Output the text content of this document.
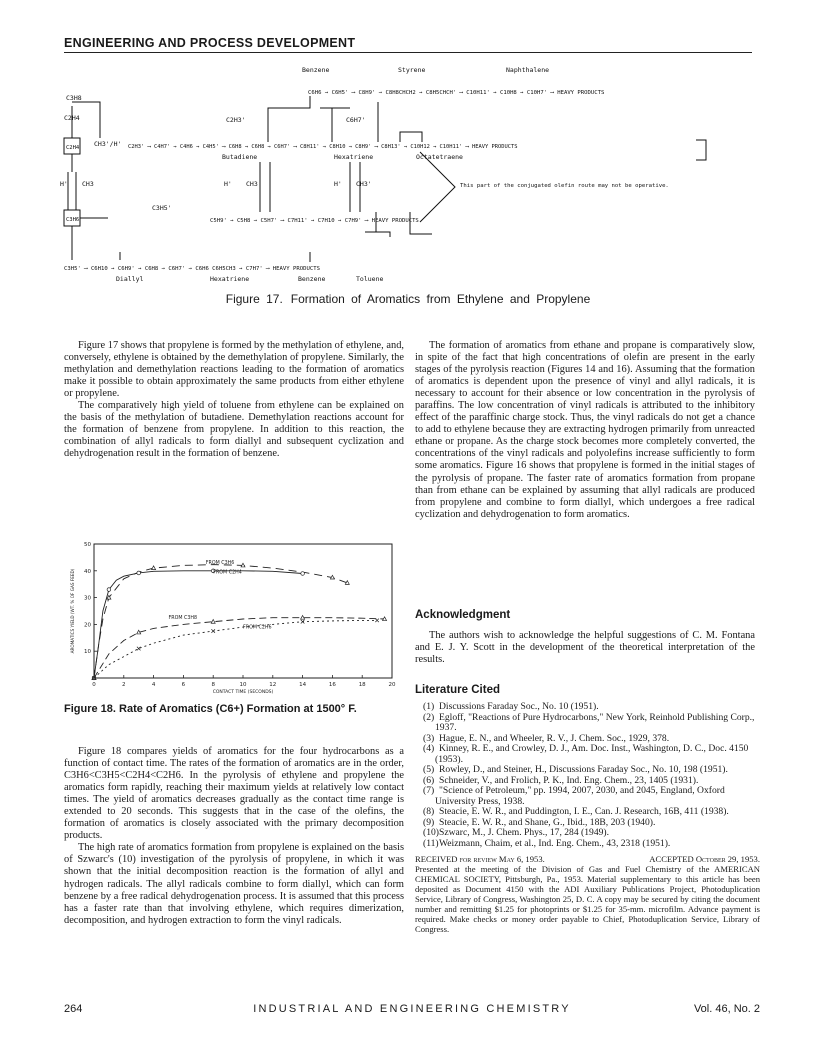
ENGINEERING AND PROCESS DEVELOPMENT
Benzene	Styrene	Naphthalene
C6H6 → C6H5' ⟶ C8H9' → C8H8CHCH2 → C8H5CHCH' ⟶ C10H11' → C10H8 → C10H7' ⟶ HEAVY PRODUCTS
C3H8
C2H3'
C2H4
CH3'/H'
C6H7'
C2H3' ⟶ C4H7' → C4H6 → C4H5' ⟶ C6H8 → C6H8 → C6H7' ⟶ C8H11' → C8H10 → C8H9' ⟶ C8H13' → C10H12 → C10H11' ⟶ HEAVY PRODUCTS
Butadiene	Hexatriene	Octatetraene
H' CH3	H' CH3	H' CH3'	This part of the conjugated olefin route may not be operative.
C3H5'
C5H9' → C5H8 → C5H7' ⟶ C7H11' → C7H10 → C7H9' ⟶ HEAVY PRODUCTS
C3H5' ⟶ C6H10 → C6H9' → C6H8 → C6H7' → C6H6 C6H5CH3 → C7H7' ⟶ HEAVY PRODUCTS
Diallyl	Hexatriene	Benzene	Toluene
C2H4
C3H6
Figure 17. Formation of Aromatics from Ethylene and Propylene

Figure 17 shows that propylene is formed by the methylation of ethylene, and, conversely, ethylene is obtained by the demethylation of propylene. Similarly, the methylation and demethylation reactions leading to the formation of aromatics make it possible to obtain approximately the same products from either ethylene or propylene.

The comparatively high yield of toluene from ethylene can be explained on the basis of the methylation of butadiene. Demethylation reactions account for the formation of benzene from propylene. In addition to this reaction, the combination of allyl radicals to form diallyl and subsequent cyclization and dehydrogenation result in the formation of benzene.

0	2	4	6	8	10	12	14	16	18	20
10
20
30
40
50
CONTACT TIME (SECONDS)
AROMATICS YIELD (WT. % OF GAS FEED)
FROM C3H6
FROM C2H4
FROM C3H8
FROM C2H6
Figure 18. Rate of Aromatics (C6+) Formation at 1500° F.

Figure 18 compares yields of aromatics for the four hydrocarbons as a function of contact time. The rates of the formation of aromatics are in the order, C3H6<C3H5<C2H4<C2H6. In the pyrolysis of ethylene and propylene the aromatics form rapidly, reaching their maximum yields at relatively low contact times. The yield of aromatics decreases gradually as the contact time range is extended to 20 seconds. This suggests that in the case of the olefins, the formation of aromatics is closely associated with the primary decomposition products.

The high rate of aromatics formation from propylene is explained on the basis of Szwarc's (10) investigation of the pyrolysis of propylene, in which it was shown that the initial decomposition reaction is the formation of allyl and hydrogen radicals. The allyl radicals combine to form diallyl, which can form benzene by a free radical dehydrogenation process. It is assumed that this process has a faster rate than that involving ethylene, which requires dimerization, decomposition, and hydrogen extraction to form the vinyl radicals.

The formation of aromatics from ethane and propane is comparatively slow, in spite of the fact that high concentrations of olefin are present in the early stages of the pyrolysis reaction (Figures 14 and 16). Assuming that the formation of aromatics is dependent upon the presence of vinyl and allyl radicals, it is necessary to account for their absence or low concentration in the pyrolysis of paraffins. The low concentration of vinyl radicals is attributed to the inhibitory effect of the paraffinic charge stock. Thus, the vinyl radicals do not get a chance to add to ethylene because they are extracting hydrogen primarily from unreacted ethane or propane. As the charge stock becomes more completely converted, the concentrations of the vinyl radicals and polyolefins increase sufficiently to form some aromatics. Figure 16 shows that propylene is formed in the initial stages of the pyrolysis of propane. The faster rate of aromatics formation from propane than from ethane can be explained by assuming that allyl radicals are produced from propylene and combine to form diallyl, which undergoes a free radical cyclization and dehydrogenation to form aromatics.

Acknowledgment

The authors wish to acknowledge the helpful suggestions of C. M. Fontana and E. J. Y. Scott in the development of the theoretical interpretation of the results.

Literature Cited

(1) Discussions Faraday Soc., No. 10 (1951).

(2) Egloff, "Reactions of Pure Hydrocarbons," New York, Reinhold Publishing Corp., 1937.

(3) Hague, E. N., and Wheeler, R. V., J. Chem. Soc., 1929, 378.

(4) Kinney, R. E., and Crowley, D. J., Am. Doc. Inst., Washington, D. C., Doc. 4150 (1953).

(5) Rowley, D., and Steiner, H., Discussions Faraday Soc., No. 10, 198 (1951).

(6) Schneider, V., and Frolich, P. K., Ind. Eng. Chem., 23, 1405 (1931).

(7) "Science of Petroleum," pp. 1994, 2007, 2030, and 2045, England, Oxford University Press, 1938.

(8) Steacie, E. W. R., and Puddington, I. E., Can. J. Research, 16B, 411 (1938).

(9) Steacie, E. W. R., and Shane, G., Ibid., 18B, 203 (1940).

(10)Szwarc, M., J. Chem. Phys., 17, 284 (1949).

(11)Weizmann, Chaim, et al., Ind. Eng. Chem., 43, 2318 (1951).

RECEIVED for review May 6, 1953.	ACCEPTED October 29, 1953.
Presented at the meeting of the Division of Gas and Fuel Chemistry of the AMERICAN CHEMICAL SOCIETY, Pittsburgh, Pa., 1953. Material supplementary to this article has been deposited as Document 4150 with the ADI Auxiliary Publications Project, Photoduplication Service, Library of Congress, Washington 25, D. C. A copy may be secured by citing the document number and remitting $1.25 for photoprints or $1.25 for 35-mm. microfilm. Advance payment is required. Make checks or money order payable to Chief, Photoduplication Service, Library of Congress.
264	INDUSTRIAL AND ENGINEERING CHEMISTRY	Vol. 46, No. 2
